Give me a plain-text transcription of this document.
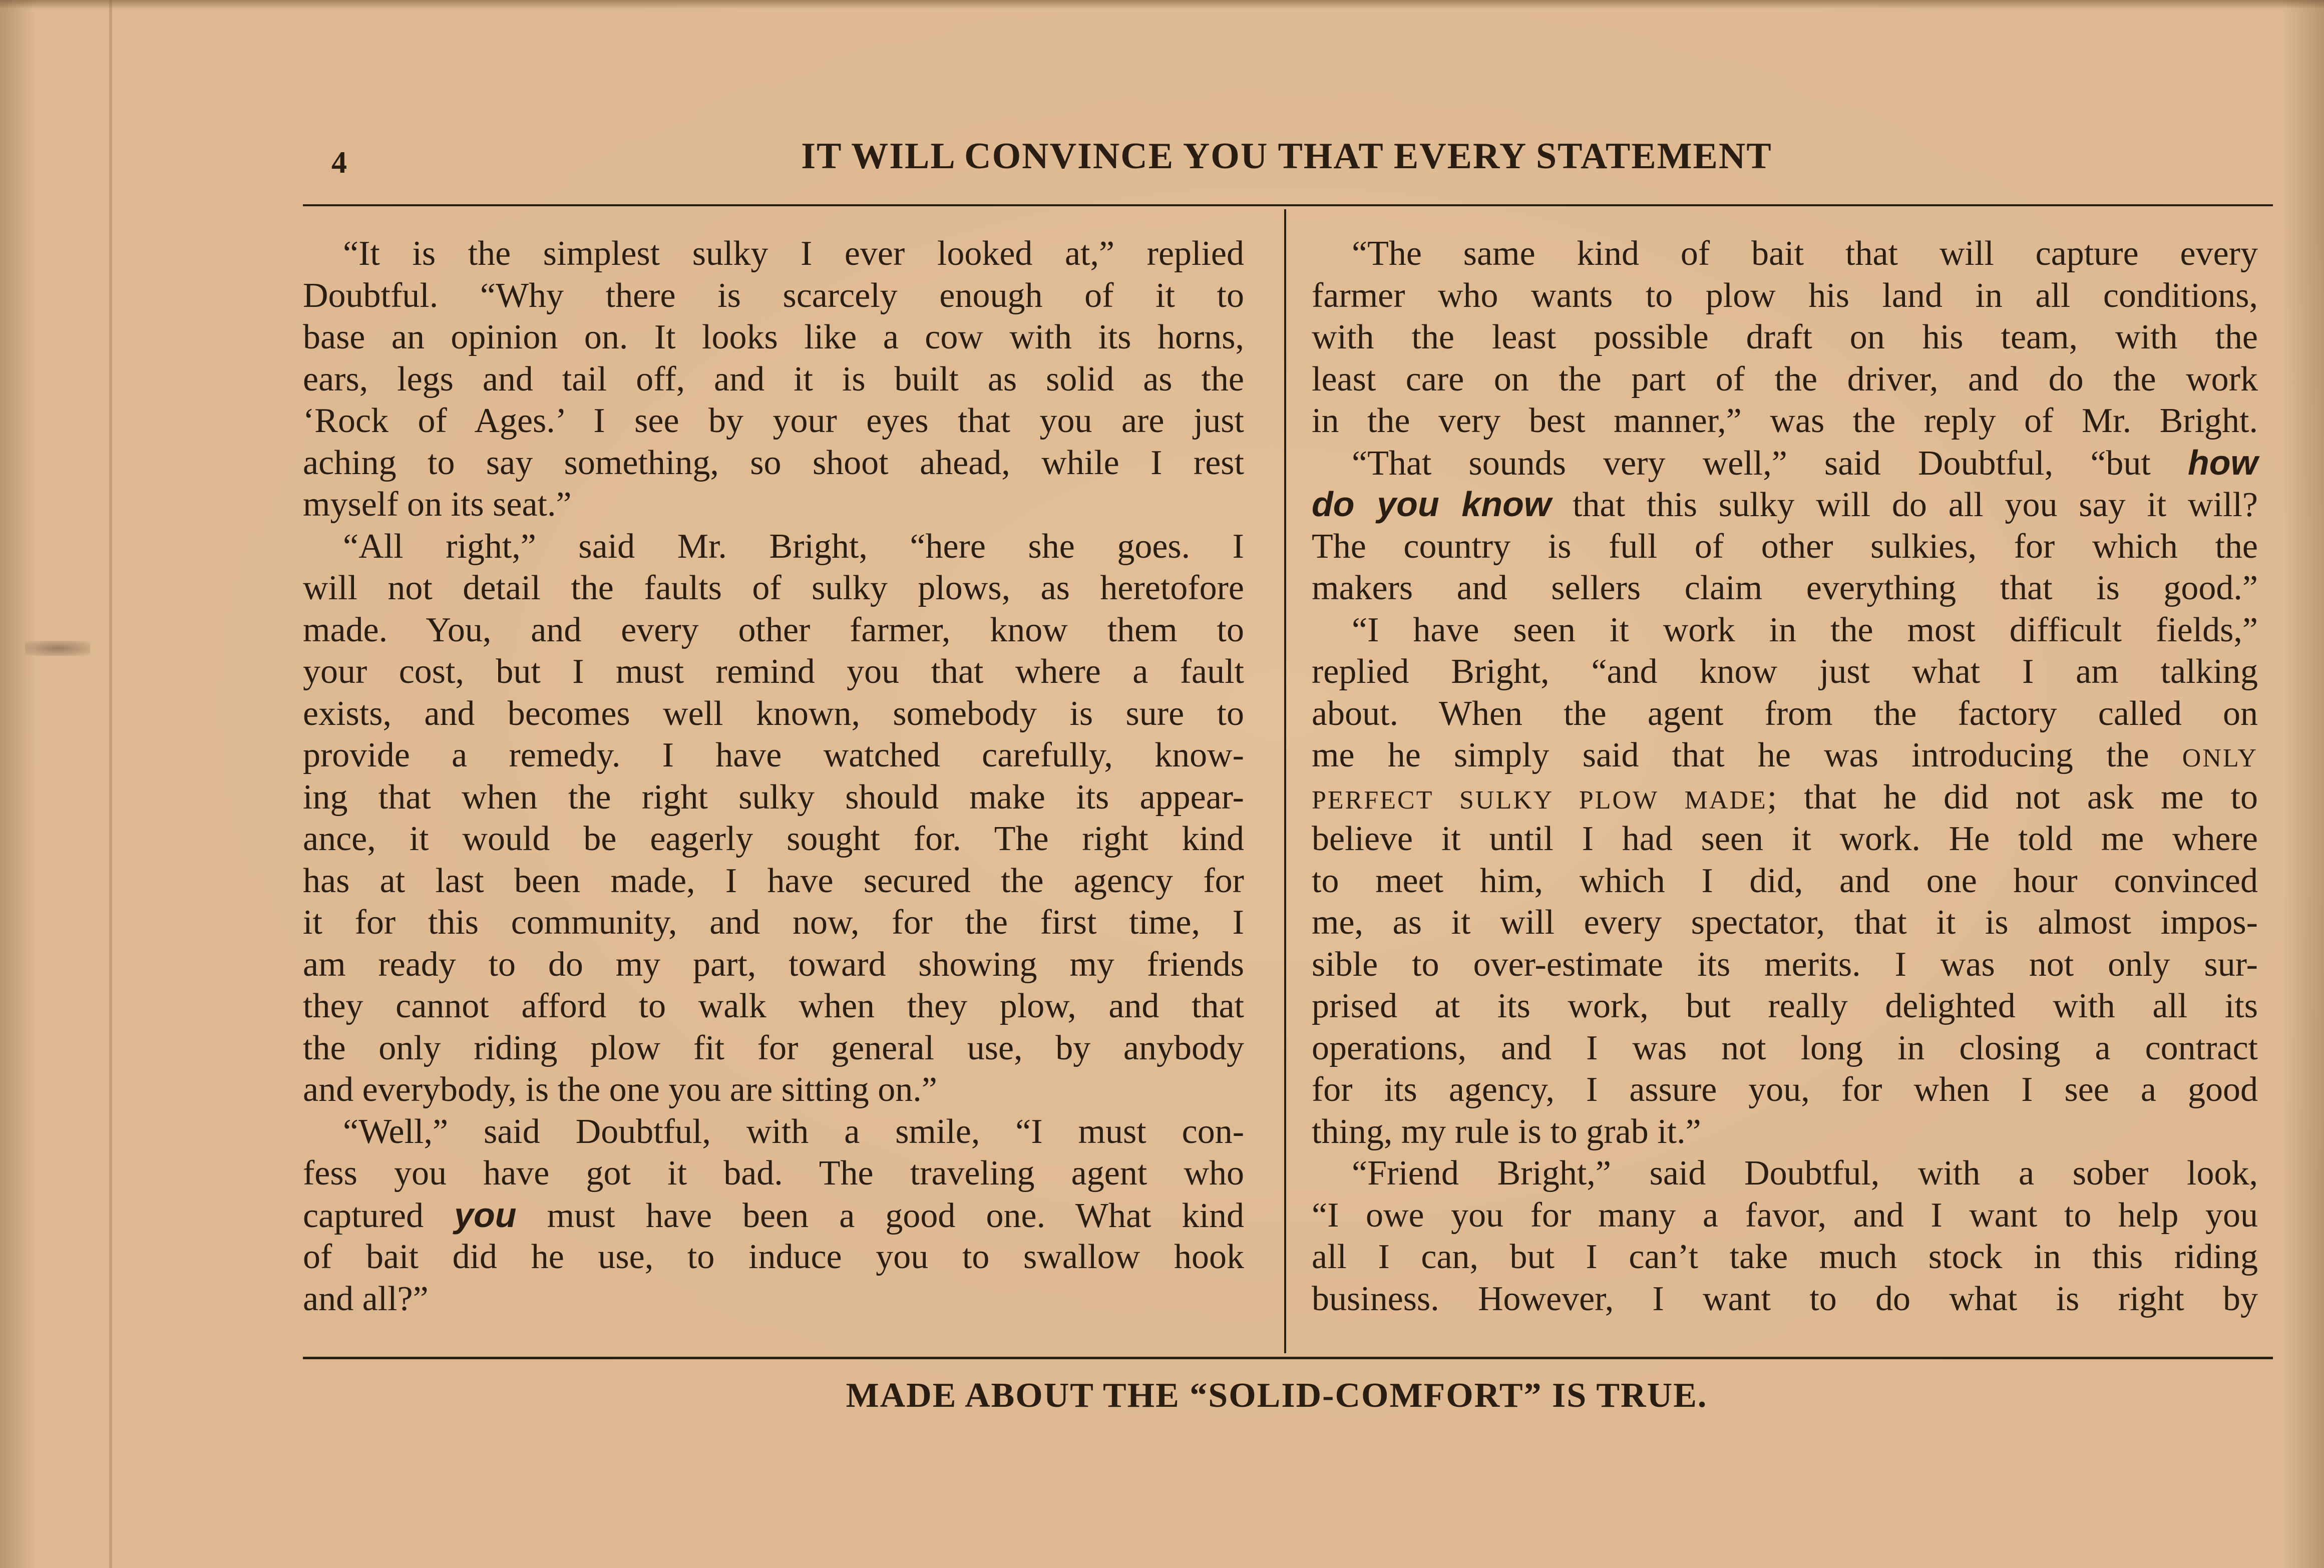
4	IT WILL CONVINCE YOU THAT EVERY STATEMENT
“It is the simplest sulky I ever looked at,” replied
Doubtful. “Why there is scarcely enough of it to
base an opinion on. It looks like a cow with its horns,
ears, legs and tail off, and it is built as solid as the
‘Rock of Ages.’ I see by your eyes that you are just
aching to say something, so shoot ahead, while I rest
myself on its seat.”
“All right,” said Mr. Bright, “here she goes. I
will not detail the faults of sulky plows, as heretofore
made. You, and every other farmer, know them to
your cost, but I must remind you that where a fault
exists, and becomes well known, somebody is sure to
provide a remedy. I have watched carefully, know-
ing that when the right sulky should make its appear-
ance, it would be eagerly sought for. The right kind
has at last been made, I have secured the agency for
it for this community, and now, for the first time, I
am ready to do my part, toward showing my friends
they cannot afford to walk when they plow, and that
the only riding plow fit for general use, by anybody
and everybody, is the one you are sitting on.”
“Well,” said Doubtful, with a smile, “I must con-
fess you have got it bad. The traveling agent who
captured you must have been a good one. What kind
of bait did he use, to induce you to swallow hook
and all?”
“The same kind of bait that will capture every
farmer who wants to plow his land in all conditions,
with the least possible draft on his team, with the
least care on the part of the driver, and do the work
in the very best manner,” was the reply of Mr. Bright.
“That sounds very well,” said Doubtful, “but how
do you know that this sulky will do all you say it will?
The country is full of other sulkies, for which the
makers and sellers claim everything that is good.”
“I have seen it work in the most difficult fields,”
replied Bright, “and know just what I am talking
about. When the agent from the factory called on
me he simply said that he was introducing the ONLY
PERFECT SULKY PLOW MADE; that he did not ask me to
believe it until I had seen it work. He told me where
to meet him, which I did, and one hour convinced
me, as it will every spectator, that it is almost impos-
sible to over-estimate its merits. I was not only sur-
prised at its work, but really delighted with all its
operations, and I was not long in closing a contract
for its agency, I assure you, for when I see a good
thing, my rule is to grab it.”
“Friend Bright,” said Doubtful, with a sober look,
“I owe you for many a favor, and I want to help you
all I can, but I can’t take much stock in this riding
business. However, I want to do what is right by
MADE ABOUT THE “SOLID-COMFORT” IS TRUE.
